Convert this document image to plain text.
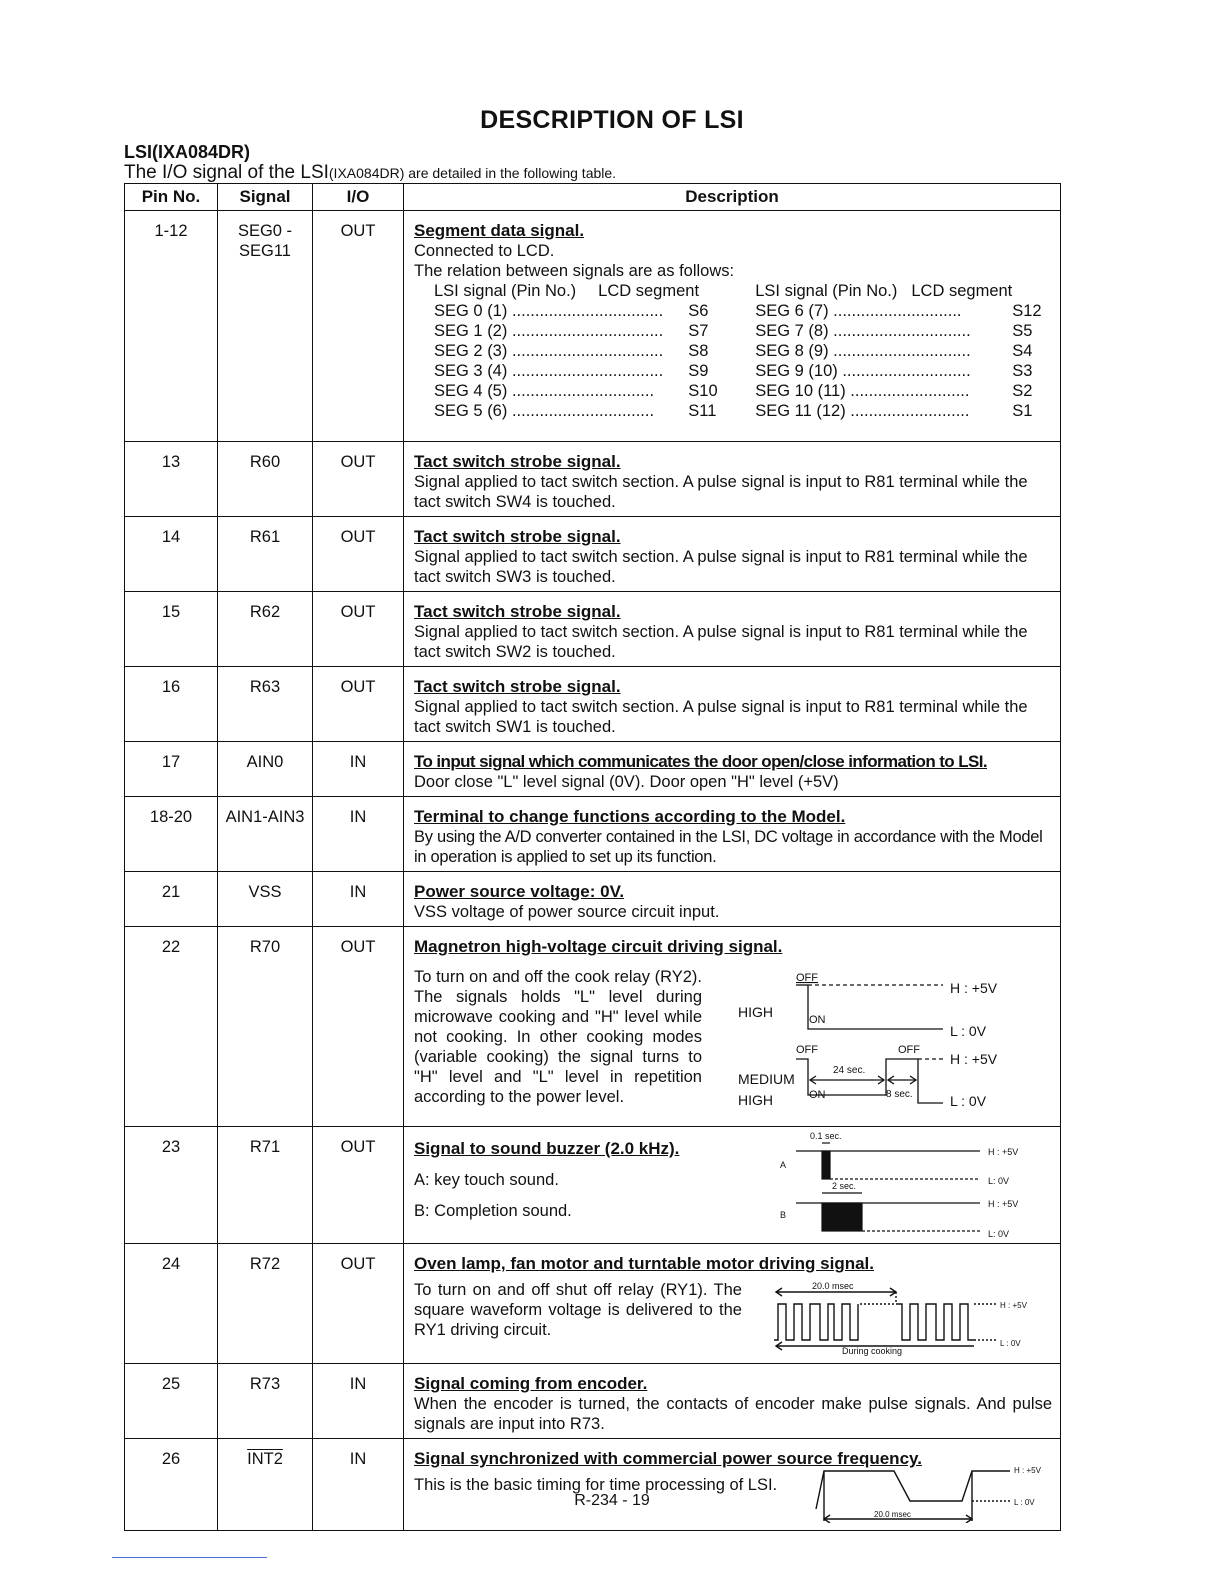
DESCRIPTION OF LSI
LSI(IXA084DR)
The I/O signal of the LSI(IXA084DR) are detailed in the following table.
Pin No.	Signal	I/O	Description
1-12	SEG0 - SEG11	OUT	Segment data signal.
Connected to LCD.
The relation between signals are as follows:
LSI signal (Pin No.) LCD segment	LSI signal (Pin No.) LCD segment
SEG 0 (1) .................................	S6	SEG 6 (7) ............................	S12
SEG 1 (2) .................................	S7	SEG 7 (8) ..............................	S5
SEG 2 (3) .................................	S8	SEG 8 (9) ..............................	S4
SEG 3 (4) .................................	S9	SEG 9 (10) ............................	S3
SEG 4 (5) ...............................	S10	SEG 10 (11) ..........................	S2
SEG 5 (6) ...............................	S11	SEG 11 (12) ..........................	S1

13	R60	OUT	Tact switch strobe signal.
Signal applied to tact switch section. A pulse signal is input to R81 terminal while the tact switch SW4 is touched.

14	R61	OUT	Tact switch strobe signal.
Signal applied to tact switch section. A pulse signal is input to R81 terminal while the tact switch SW3 is touched.

15	R62	OUT	Tact switch strobe signal.
Signal applied to tact switch section. A pulse signal is input to R81 terminal while the tact switch SW2 is touched.

16	R63	OUT	Tact switch strobe signal.
Signal applied to tact switch section. A pulse signal is input to R81 terminal while the tact switch SW1 is touched.

17	AIN0	IN	To input signal which communicates the door open/close information to LSI.
Door close "L" level signal (0V). Door open "H" level (+5V)

18-20	AIN1-AIN3	IN	Terminal to change functions according to the Model.
By using the A/D converter contained in the LSI, DC voltage in accordance with the Model in operation is applied to set up its function.

21	VSS	IN	Power source voltage: 0V.
VSS voltage of power source circuit input.

22	R70	OUT	Magnetron high-voltage circuit driving signal.
To turn on and off the cook relay (RY2). The signals holds "L" level during microwave cooking and "H" level while not cooking. In other cooking modes (variable cooking) the signal turns to "H" level and "L" level in repetition according to the power level.
OFF
HIGH	ON
OFF	OFF
24 sec.
MEDIUM
HIGH	ON	8 sec.
H : +5V
L : 0V
H : +5V
L : 0V

23	R71	OUT	Signal to sound buzzer (2.0 kHz).
A: key touch sound.
B: Completion sound.
0.1 sec.
A
2 sec.
B
H : +5V
L: 0V
H : +5V
L: 0V

24	R72	OUT	Oven lamp, fan motor and turntable motor driving signal.
To turn on and off shut off relay (RY1). The square waveform voltage is delivered to the RY1 driving circuit.
20.0 msec
During cooking
H : +5V
L : 0V

25	R73	IN	Signal coming from encoder.
When the encoder is turned, the contacts of encoder make pulse signals. And pulse signals are input into R73.

26	INT2	IN	Signal synchronized with commercial power source frequency.
This is the basic timing for time processing of LSI.
20.0 msec
H : +5V
L : 0V
R-234 - 19
